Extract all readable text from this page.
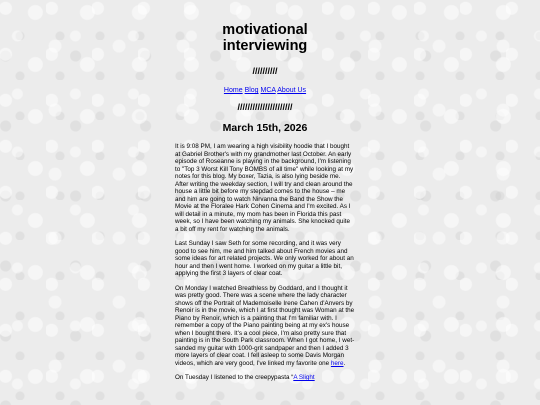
motivational
interviewing
//////////
Home Blog MCA About Us
//////////////////////
March 15th, 2026

It is 9:08 PM, I am wearing a high visibility hoodie that I bought at Gabriel Brother's with my grandmother last October. An early episode of Roseanne is playing in the background, I'm listening to "Top 3 Worst Kill Tony BOMBS of all time" while looking at my notes for this blog. My boxer, Tazia, is also lying beside me. After writing the weekday section, I will try and clean around the house a little bit before my stepdad comes to the house – me and him are going to watch Nirvanna the Band the Show the Movie at the Floralee Hark Cohen Cinema and I'm excited. As I will detail in a minute, my mom has been in Florida this past week, so I have been watching my animals. She knocked quite a bit off my rent for watching the animals.

Last Sunday I saw Seth for some recording, and it was very good to see him, me and him talked about French movies and some ideas for art related projects. We only worked for about an hour and then I went home. I worked on my guitar a little bit, applying the first 3 layers of clear coat.

On Monday I watched Breathless by Goddard, and I thought it was pretty good. There was a scene where the lady character shows off the Portrait of Mademoiselle Irene Cahen d'Anvers by Renoir is in the movie, which I at first thought was Woman at the Piano by Renoir, which is a painting that I'm familiar with. I remember a copy of the Piano painting being at my ex's house when I bought there. It's a cool piece, I'm also pretty sure that painting is in the South Park classroom. When I got home, I wet-sanded my guitar with 1000-grit sandpaper and then I added 3 more layers of clear coat. I fell asleep to some Davis Morgan videos, which are very good, I've linked my favorite one here.

On Tuesday I listened to the creepypasta “A Slight
